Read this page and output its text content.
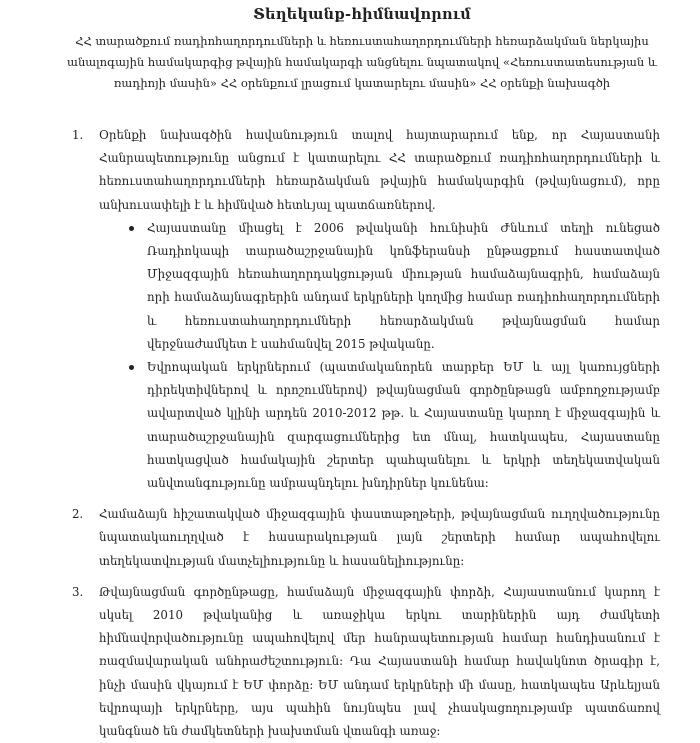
Տեղեկանք-հիմնավորում
ՀՀ տարածքում ռադիոհաղորդումների և հեռուստահաղորդումների հեռարձակման ներկայիս անալոգային համակարգից թվային համակարգի անցնելու նպատակով «Հեռուստատեսության և ռադիոյի մասին» ՀՀ օրենքում լրացում կատարելու մասին» ՀՀ օրենքի նախագծի
1. Օրենքի նախագծին հավանություն տալով հայտարարում ենք, որ Հայաստանի Հանրապետությունը անցում է կատարելու ՀՀ տարածքում ռադիոհաղորդումների և հեռուստահաղորդումների հեռարձակման թվային համակարգին (թվայնացում), որը անխուսափելի է և հիմնված հետևյալ պատճառներով.
Հայաստանը միացել է 2006 թվականի հունիսին Ժնևում տեղի ունեցած Ռադիոկապի տարածաշրջանային կոնֆերանսի ընթացքում հաստատված Միջազգային հեռահաղորդակցության միության համաձայնագրին, համաձայն որի համաձայնագրերին անդամ երկրների կողմից համար ռադիոհաղորդումների և հեռուստահաղորդումների հեռարձակման թվայնացման համար վերջնաժամկետ է սահմանվել 2015 թվականը.
Եվրոպական երկրներում (պատմականորեն տարբեր ԵՄ և այլ կառույցների դիրեկտիվներով և որոշումներով) թվայնացման գործընթացն ամբողջությամբ ավարտված կլինի արդեն 2010-2012 թթ. և Հայաստանը կարող է միջազգային և տարածաշրջանային զարգացումներից ետ մնալ, հատկապես, Հայաստանը հատկացված համակային շերտեր պահպանելու և երկրի տեղեկատվական անվտանգությունը ամրապնդելու խնդիրներ կունենա:
2. Համաձայն հիշատակված միջազգային փաստաթղթերի, թվայնացման ուղղվածությունը նպատակաուղղված է հասարակության լայն շերտերի համար ապահովելու տեղեկատվության մատչելիությունը և հասանելիությունը:
3. Թվայնացման գործընթացը, համաձայն միջազգային փորձի, Հայաստանում կարող է սկսել 2010 թվականից և առաջիկա երկու տարիներին այդ ժամկետի հիմնավորվածությունը ապահովելով մեր հանրապետության համար հանդիսանում է ռազմավարական անհրաժեշտություն: Դա Հայաստանի համար հավակնոտ ծրագիր է, ինչի մասին վկայում է ԵՄ փորձը: ԵՄ անդամ երկրների մի մասը, հատկապես Արևելյան եվրոպայի երկրները, այս պահին նույնպես լավ չհասկացողությամբ պատճառով կանգնած են ժամկետների խախտման վտանգի առաջ:
